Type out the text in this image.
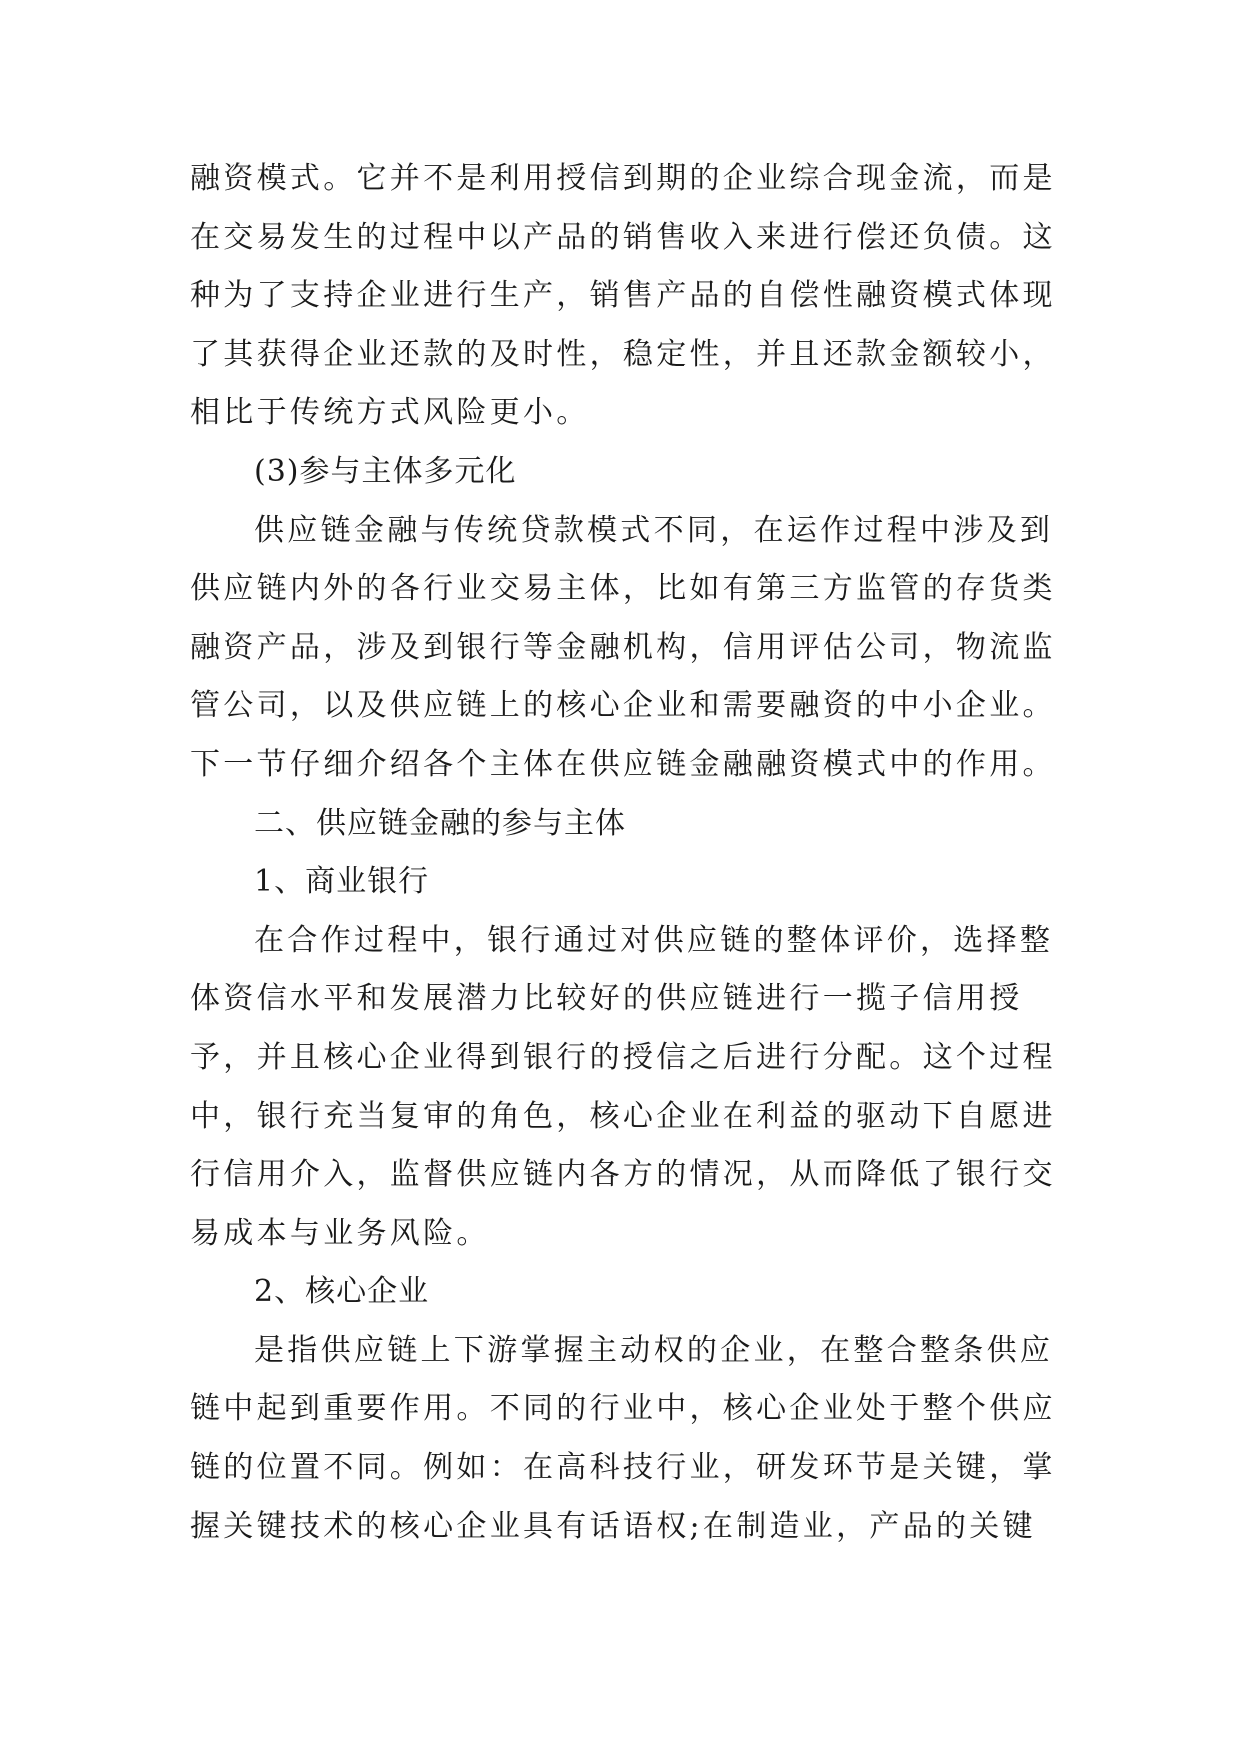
融资模式。它并不是利用授信到期的企业综合现金流，而是
在交易发生的过程中以产品的销售收入来进行偿还负债。这
种为了支持企业进行生产，销售产品的自偿性融资模式体现
了其获得企业还款的及时性，稳定性，并且还款金额较小，
相比于传统方式风险更小。
(3)参与主体多元化
供应链金融与传统贷款模式不同，在运作过程中涉及到
供应链内外的各行业交易主体，比如有第三方监管的存货类
融资产品，涉及到银行等金融机构，信用评估公司，物流监
管公司，以及供应链上的核心企业和需要融资的中小企业。
下一节仔细介绍各个主体在供应链金融融资模式中的作用。
二、供应链金融的参与主体
1、商业银行
在合作过程中，银行通过对供应链的整体评价，选择整
体资信水平和发展潜力比较好的供应链进行一揽子信用授
予，并且核心企业得到银行的授信之后进行分配。这个过程
中，银行充当复审的角色，核心企业在利益的驱动下自愿进
行信用介入，监督供应链内各方的情况，从而降低了银行交
易成本与业务风险。
2、核心企业
是指供应链上下游掌握主动权的企业，在整合整条供应
链中起到重要作用。不同的行业中，核心企业处于整个供应
链的位置不同。例如：在高科技行业，研发环节是关键，掌
握关键技术的核心企业具有话语权;在制造业，产品的关键
